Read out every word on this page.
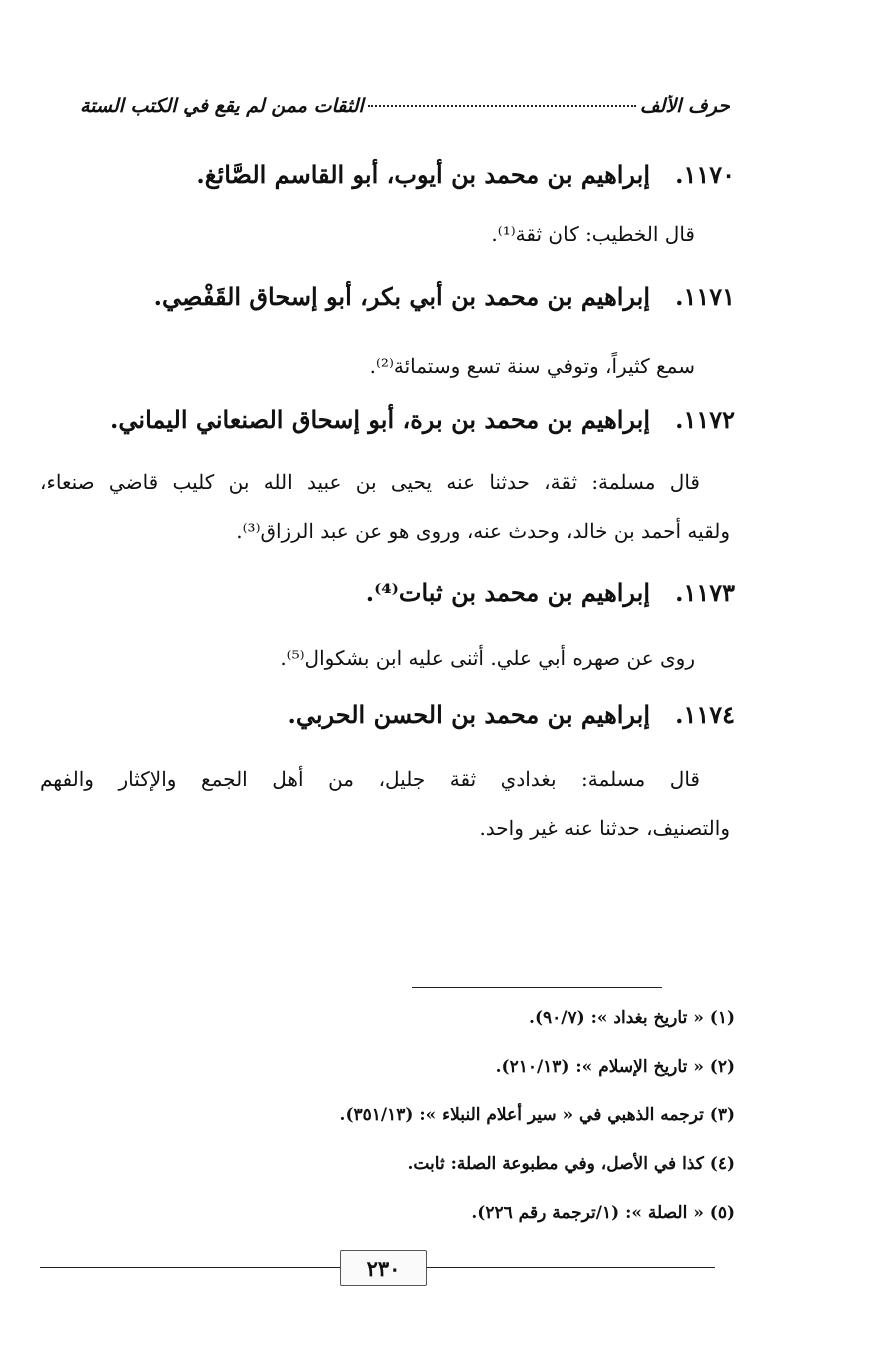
حرف الألف
الثقات ممن لم يقع في الكتب الستة
١١٧٠.   إبراهيم بن محمد بن أيوب، أبو القاسم الصَّائغ.
قال الخطيب: كان ثقة⁽¹⁾.
١١٧١.   إبراهيم بن محمد بن أبي بكر، أبو إسحاق القَفْصِي.
سمع كثيراً، وتوفي سنة تسع وستمائة⁽²⁾.
١١٧٢.   إبراهيم بن محمد بن برة، أبو إسحاق الصنعاني اليماني.
قال مسلمة: ثقة، حدثنا عنه يحيى بن عبيد الله بن كليب قاضي صنعاء،
ولقيه أحمد بن خالد، وحدث عنه، وروى هو عن عبد الرزاق⁽³⁾.
١١٧٣.   إبراهيم بن محمد بن ثبات⁽⁴⁾.
روى عن صهره أبي علي. أثنى عليه ابن بشكوال⁽⁵⁾.
١١٧٤.   إبراهيم بن محمد بن الحسن الحربي.
قال مسلمة: بغدادي ثقة جليل، من أهل الجمع والإكثار والفهم
والتصنيف، حدثنا عنه غير واحد.
(١) « تاريخ بغداد »: (٩٠/٧).
(٢) « تاريخ الإسلام »: (٢١٠/١٣).
(٣) ترجمه الذهبي في « سير أعلام النبلاء »: (٣٥١/١٣).
(٤) كذا في الأصل، وفي مطبوعة الصلة: ثابت.
(٥) « الصلة »: (١/ترجمة رقم ٢٢٦).
٢٣٠
